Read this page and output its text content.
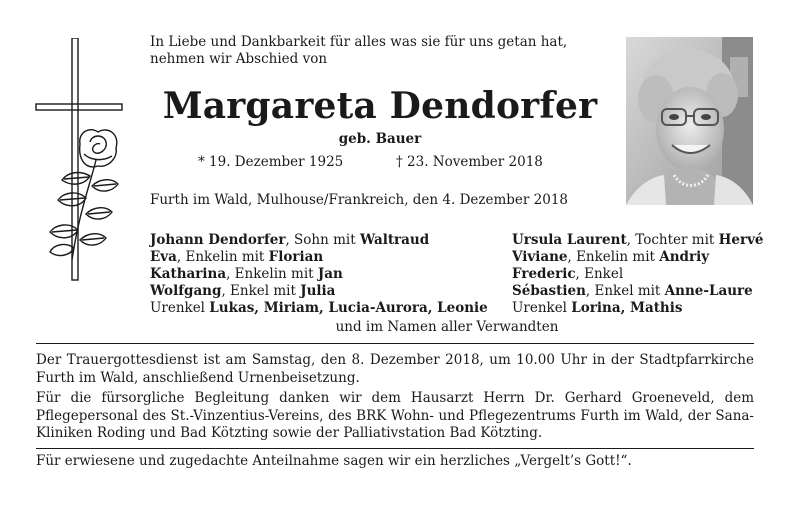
In Liebe und Dankbarkeit für alles was sie für uns getan hat,
nehmen wir Abschied von
Margareta Dendorfer
geb. Bauer
* 19. Dezember 1925	† 23. November 2018
Furth im Wald, Mulhouse/Frankreich, den 4. Dezember 2018
Johann Dendorfer, Sohn mit Waltraud
Eva, Enkelin mit Florian
Katharina, Enkelin mit Jan
Wolfgang, Enkel mit Julia
Urenkel Lukas, Miriam, Lucia-Aurora, Leonie
Ursula Laurent, Tochter mit Hervé
Viviane, Enkelin mit Andriy
Frederic, Enkel
Sébastien, Enkel mit Anne-Laure
Urenkel Lorina, Mathis
und im Namen aller Verwandten
Der Trauergottesdienst ist am Samstag, den 8. Dezember 2018, um 10.00 Uhr in der Stadtpfarrkirche Furth im Wald, anschließend Urnenbeisetzung.
Für die fürsorgliche Begleitung danken wir dem Hausarzt Herrn Dr. Gerhard Groeneveld, dem Pflegepersonal des St.-Vinzentius-Vereins, des BRK Wohn- und Pflegezentrums Furth im Wald, der Sana-Kliniken Roding und Bad Kötzting sowie der Palliativstation Bad Kötzting.
Für erwiesene und zugedachte Anteilnahme sagen wir ein herzliches „Vergelt’s Gott!“.
